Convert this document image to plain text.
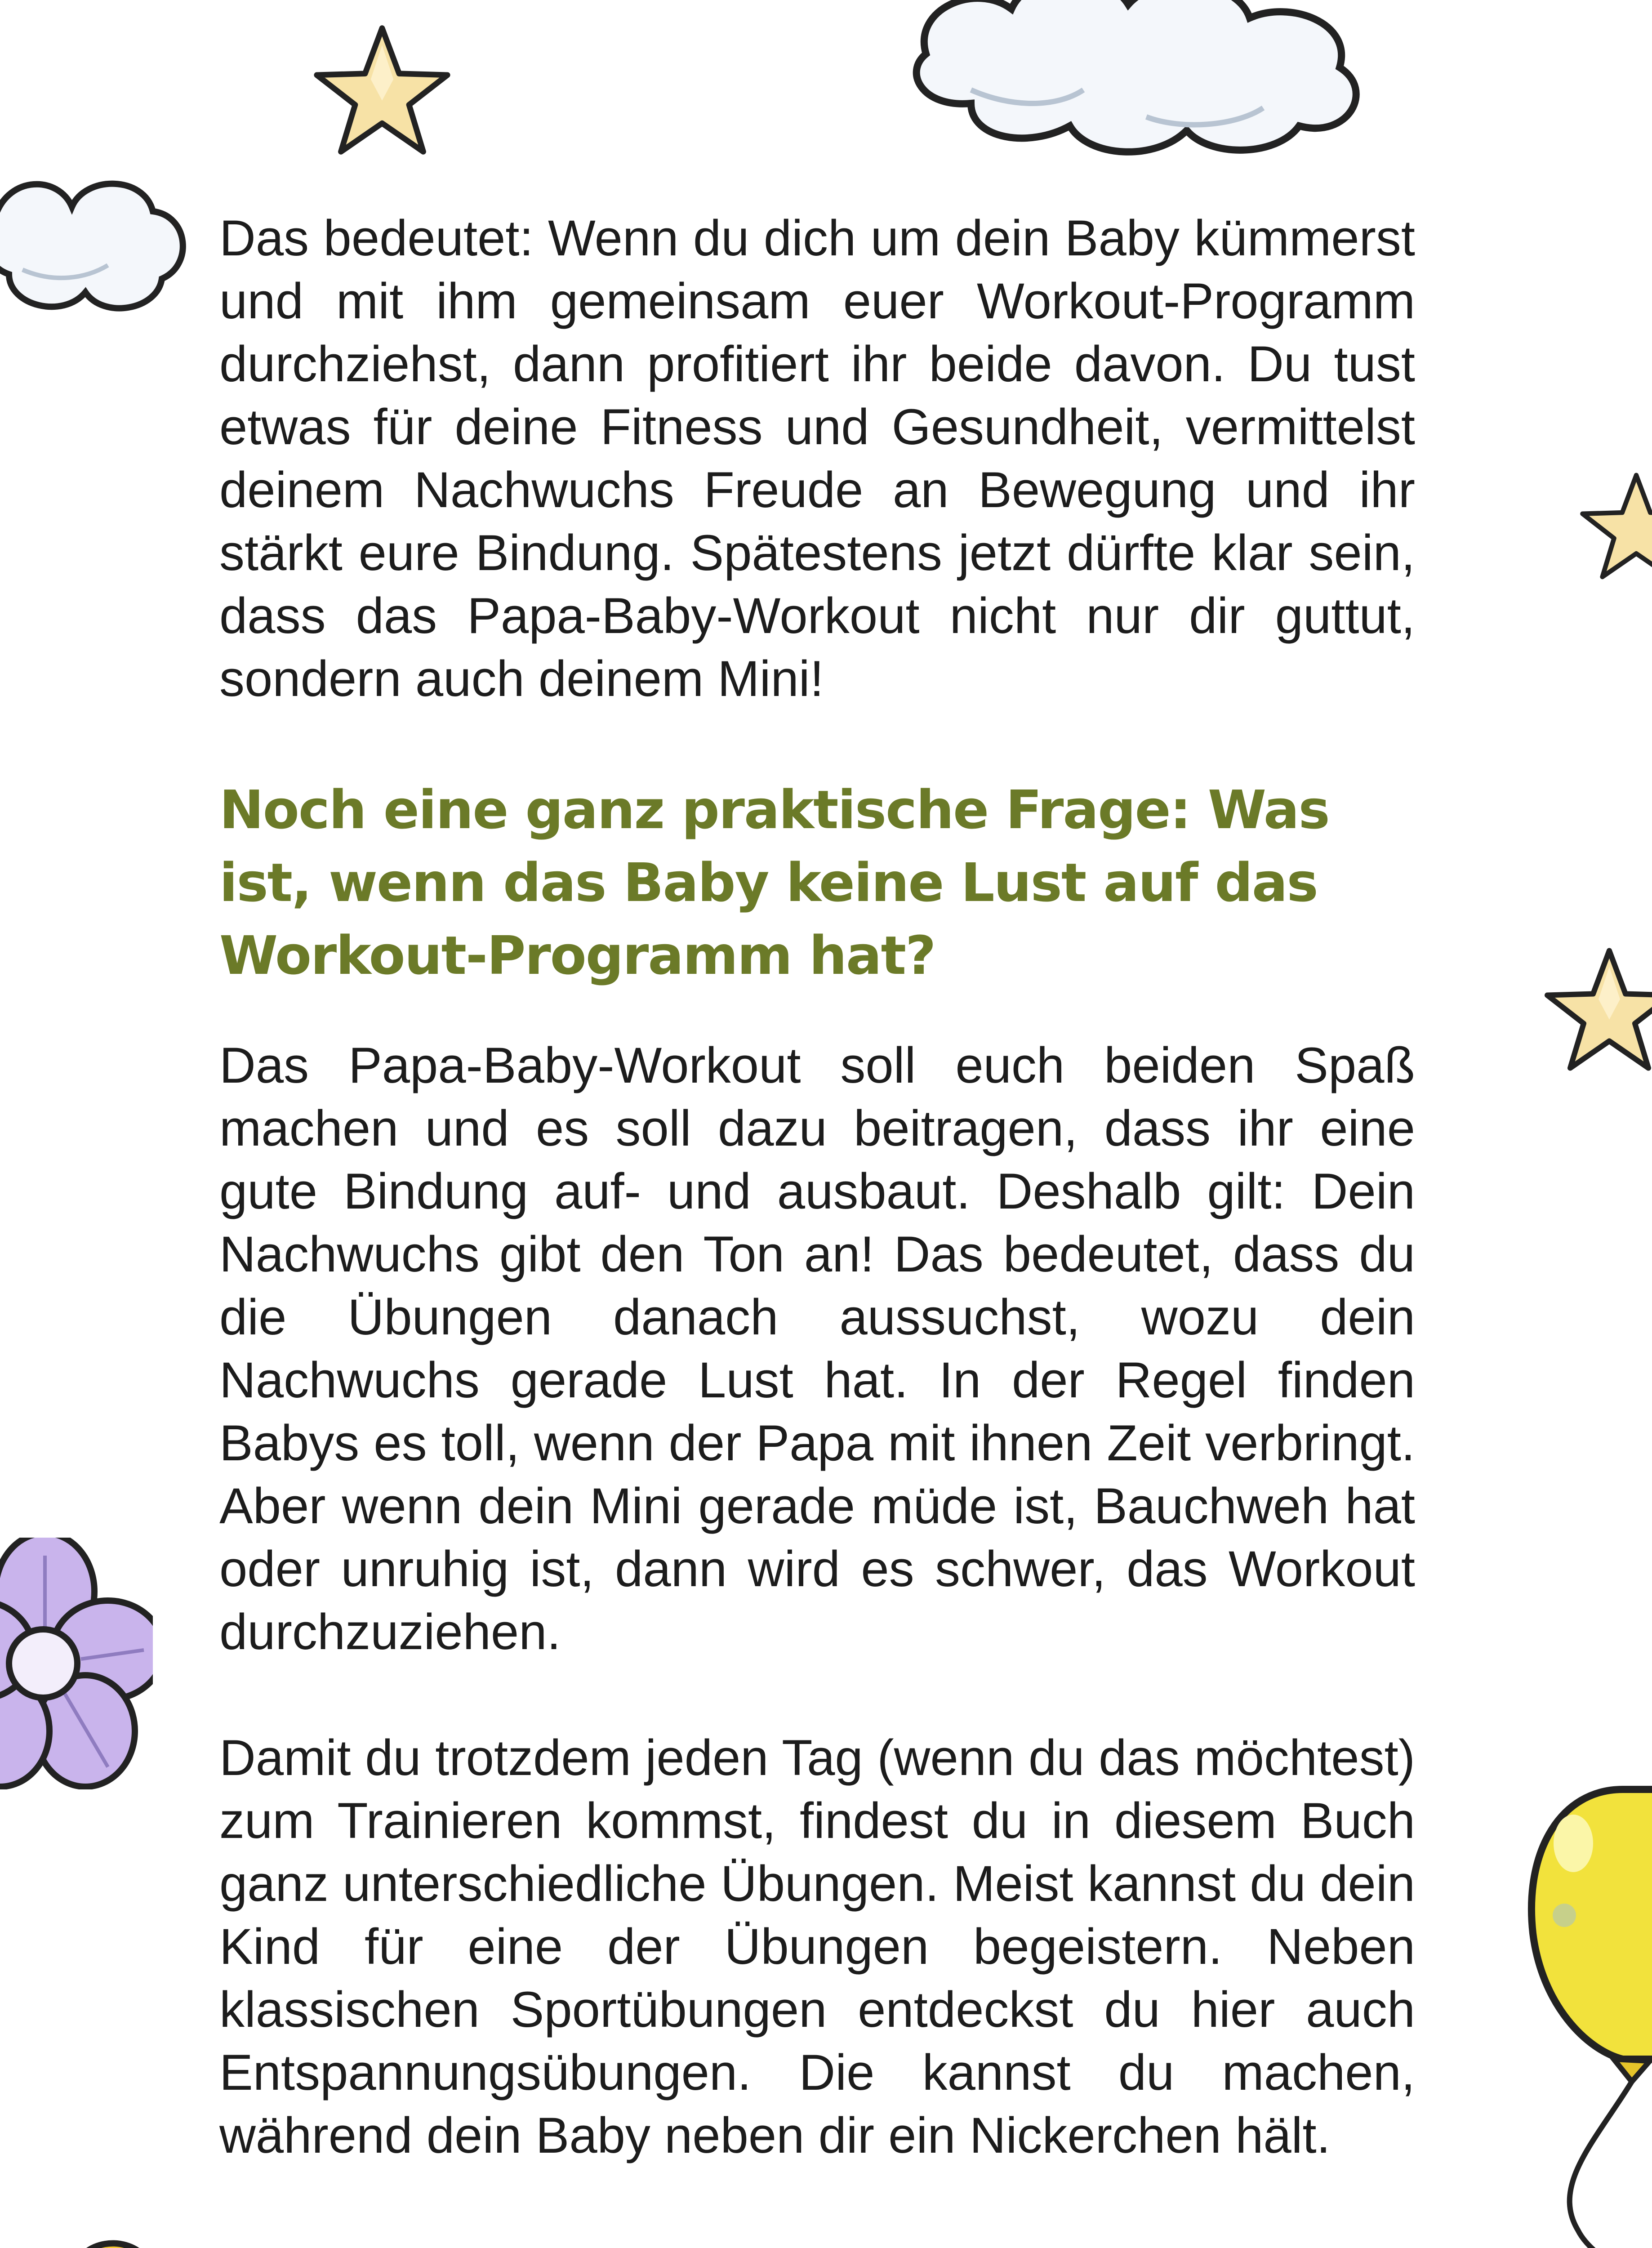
Das bedeutet: Wenn du dich um dein Baby kümmerst und mit ihm gemeinsam euer Workout-Programm durchziehst, dann profitiert ihr beide davon. Du tust etwas für deine Fitness und Gesundheit, vermittelst deinem Nachwuchs Freude an Bewegung und ihr stärkt eure Bindung. Spätestens jetzt dürfte klar sein, dass das Papa-Baby-Workout nicht nur dir guttut, sondern auch deinem Mini!

Noch eine ganz praktische Frage: Was ist, wenn das Baby keine Lust auf das Workout-Programm hat?

Das Papa-Baby-Workout soll euch beiden Spaß machen und es soll dazu beitragen, dass ihr eine gute Bindung auf- und ausbaut. Deshalb gilt: Dein Nachwuchs gibt den Ton an! Das bedeutet, dass du die Übungen danach aussuchst, wozu dein Nachwuchs gerade Lust hat. In der Regel finden Babys es toll, wenn der Papa mit ihnen Zeit verbringt. Aber wenn dein Mini gerade müde ist, Bauchweh hat oder unruhig ist, dann wird es schwer, das Workout durchzuziehen.

Damit du trotzdem jeden Tag (wenn du das möchtest) zum Trainieren kommst, findest du in diesem Buch ganz unterschiedliche Übungen. Meist kannst du dein Kind für eine der Übungen begeistern. Neben klassischen Sportübungen entdeckst du hier auch Entspannungsübungen. Die kannst du machen, während dein Baby neben dir ein Nickerchen hält.
